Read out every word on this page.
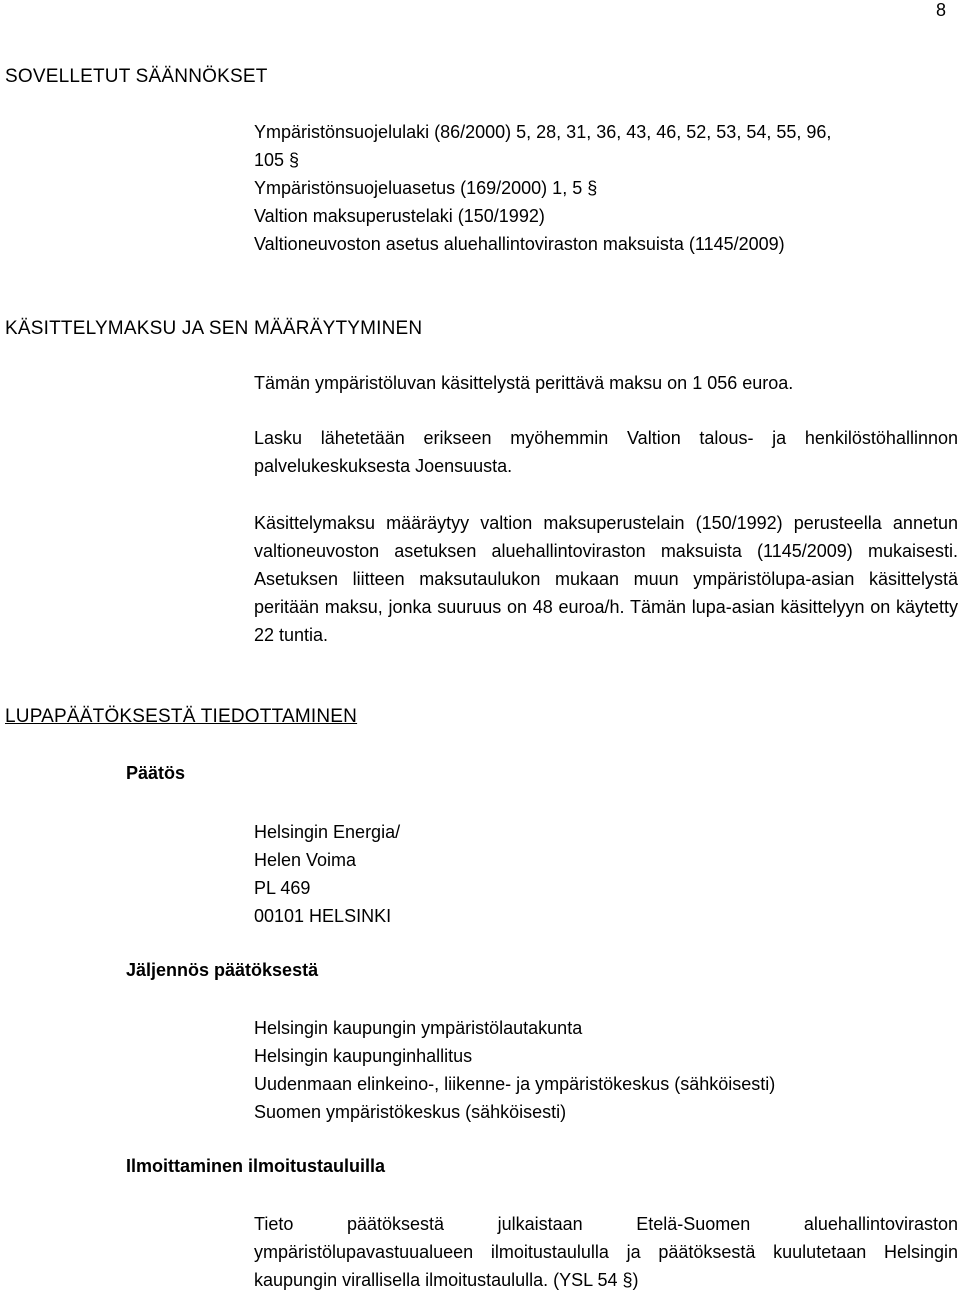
8
SOVELLETUT SÄÄNNÖKSET
Ympäristönsuojelulaki (86/2000) 5, 28, 31, 36, 43, 46, 52, 53, 54, 55, 96,
105 §
Ympäristönsuojeluasetus (169/2000) 1, 5 §
Valtion maksuperustelaki (150/1992)
Valtioneuvoston asetus aluehallintoviraston maksuista (1145/2009)
KÄSITTELYMAKSU JA SEN MÄÄRÄYTYMINEN
Tämän ympäristöluvan käsittelystä perittävä maksu on 1 056 euroa.
Lasku lähetetään erikseen myöhemmin Valtion talous- ja henkilöstöhallinnon palvelukeskuksesta Joensuusta.
Käsittelymaksu määräytyy valtion maksuperustelain (150/1992) perusteella annetun valtioneuvoston asetuksen aluehallintoviraston maksuista (1145/2009) mukaisesti. Asetuksen liitteen maksutaulukon mukaan muun ympäristölupa-asian käsittelystä peritään maksu, jonka suuruus on 48 euroa/h. Tämän lupa-asian käsittelyyn on käytetty 22 tuntia.
LUPAPÄÄTÖKSESTÄ TIEDOTTAMINEN
Päätös
Helsingin Energia/
Helen Voima
PL 469
00101 HELSINKI
Jäljennös päätöksestä
Helsingin kaupungin ympäristölautakunta
Helsingin kaupunginhallitus
Uudenmaan elinkeino-, liikenne- ja ympäristökeskus (sähköisesti)
Suomen ympäristökeskus (sähköisesti)
Ilmoittaminen ilmoitustauluilla
Tieto päätöksestä julkaistaan Etelä-Suomen aluehallintoviraston ympäristölupavastuualueen ilmoitustaululla ja päätöksestä kuulutetaan Helsingin kaupungin virallisella ilmoitustaululla. (YSL 54 §)
